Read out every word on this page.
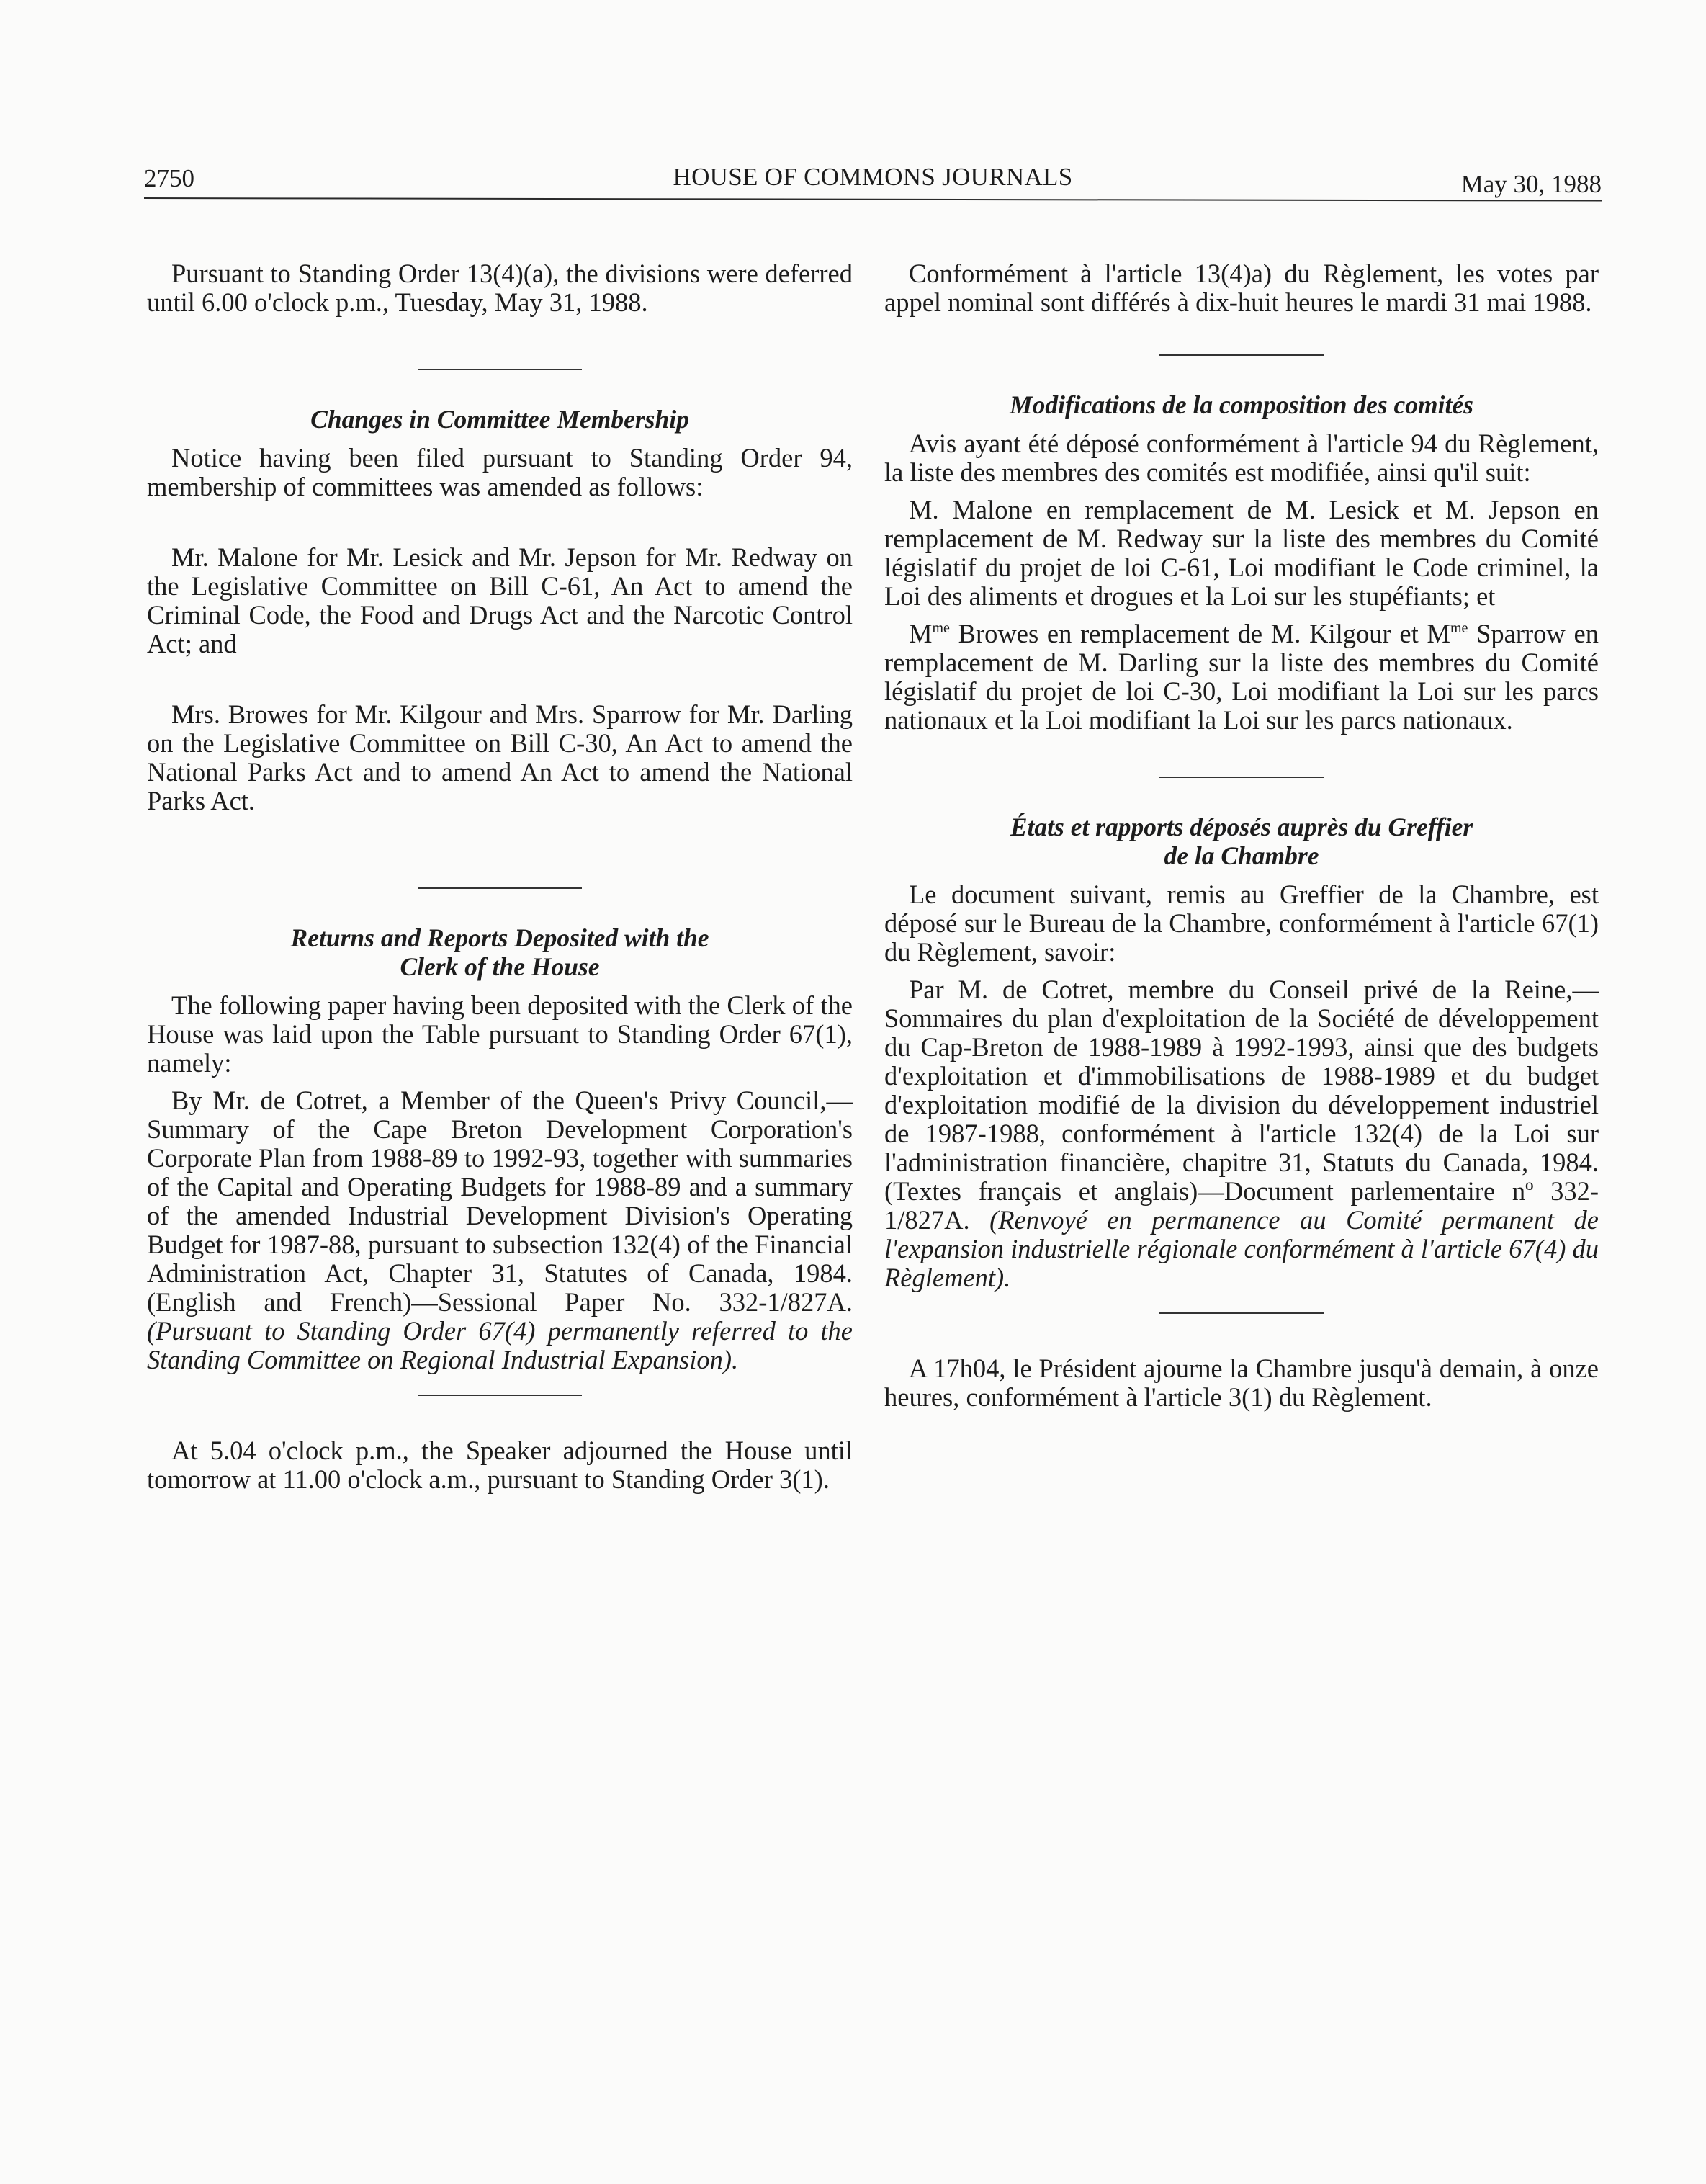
2750	HOUSE OF COMMONS JOURNALS	May 30, 1988

Pursuant to Standing Order 13(4)(a), the divisions were deferred until 6.00 o'clock p.m., Tuesday, May 31, 1988.

Changes in Committee Membership

Notice having been filed pursuant to Standing Order 94, membership of committees was amended as follows:

Mr. Malone for Mr. Lesick and Mr. Jepson for Mr. Redway on the Legislative Committee on Bill C-61, An Act to amend the Criminal Code, the Food and Drugs Act and the Narcotic Control Act; and

Mrs. Browes for Mr. Kilgour and Mrs. Sparrow for Mr. Darling on the Legislative Committee on Bill C-30, An Act to amend the National Parks Act and to amend An Act to amend the National Parks Act.

Returns and Reports Deposited with the
Clerk of the House

The following paper having been deposited with the Clerk of the House was laid upon the Table pursuant to Standing Order 67(1), namely:

By Mr. de Cotret, a Member of the Queen's Privy Council,—Summary of the Cape Breton Development Corporation's Corporate Plan from 1988-89 to 1992-93, together with summaries of the Capital and Operating Budgets for 1988-89 and a summary of the amended Industrial Development Division's Operating Budget for 1987-88, pursuant to subsection 132(4) of the Financial Administration Act, Chapter 31, Statutes of Canada, 1984. (English and French)—Sessional Paper No. 332-1/827A. (Pursuant to Standing Order 67(4) permanently referred to the Standing Committee on Regional Industrial Expansion).

At 5.04 o'clock p.m., the Speaker adjourned the House until tomorrow at 11.00 o'clock a.m., pursuant to Standing Order 3(1).

Conformément à l'article 13(4)a) du Règlement, les votes par appel nominal sont différés à dix-huit heures le mardi 31 mai 1988.

Modifications de la composition des comités

Avis ayant été déposé conformément à l'article 94 du Règlement, la liste des membres des comités est modifiée, ainsi qu'il suit:

M. Malone en remplacement de M. Lesick et M. Jepson en remplacement de M. Redway sur la liste des membres du Comité législatif du projet de loi C-61, Loi modifiant le Code criminel, la Loi des aliments et drogues et la Loi sur les stupéfiants; et

$M^{me}$ Browes en remplacement de M. Kilgour et $M^{me}$ Sparrow en remplacement de M. Darling sur la liste des membres du Comité législatif du projet de loi C-30, Loi modifiant la Loi sur les parcs nationaux et la Loi modifiant la Loi sur les parcs nationaux.

États et rapports déposés auprès du Greffier
de la Chambre

Le document suivant, remis au Greffier de la Chambre, est déposé sur le Bureau de la Chambre, conformément à l'article 67(1) du Règlement, savoir:

Par M. de Cotret, membre du Conseil privé de la Reine,—Sommaires du plan d'exploitation de la Société de développement du Cap-Breton de 1988-1989 à 1992-1993, ainsi que des budgets d'exploitation et d'immobilisations de 1988-1989 et du budget d'exploitation modifié de la division du développement industriel de 1987-1988, conformément à l'article 132(4) de la Loi sur l'administration financière, chapitre 31, Statuts du Canada, 1984. (Textes français et anglais)—Document parlementaire nº 332-1/827A. (Renvoyé en permanence au Comité permanent de l'expansion industrielle régionale conformément à l'article 67(4) du Règlement).

A 17h04, le Président ajourne la Chambre jusqu'à demain, à onze heures, conformément à l'article 3(1) du Règlement.
